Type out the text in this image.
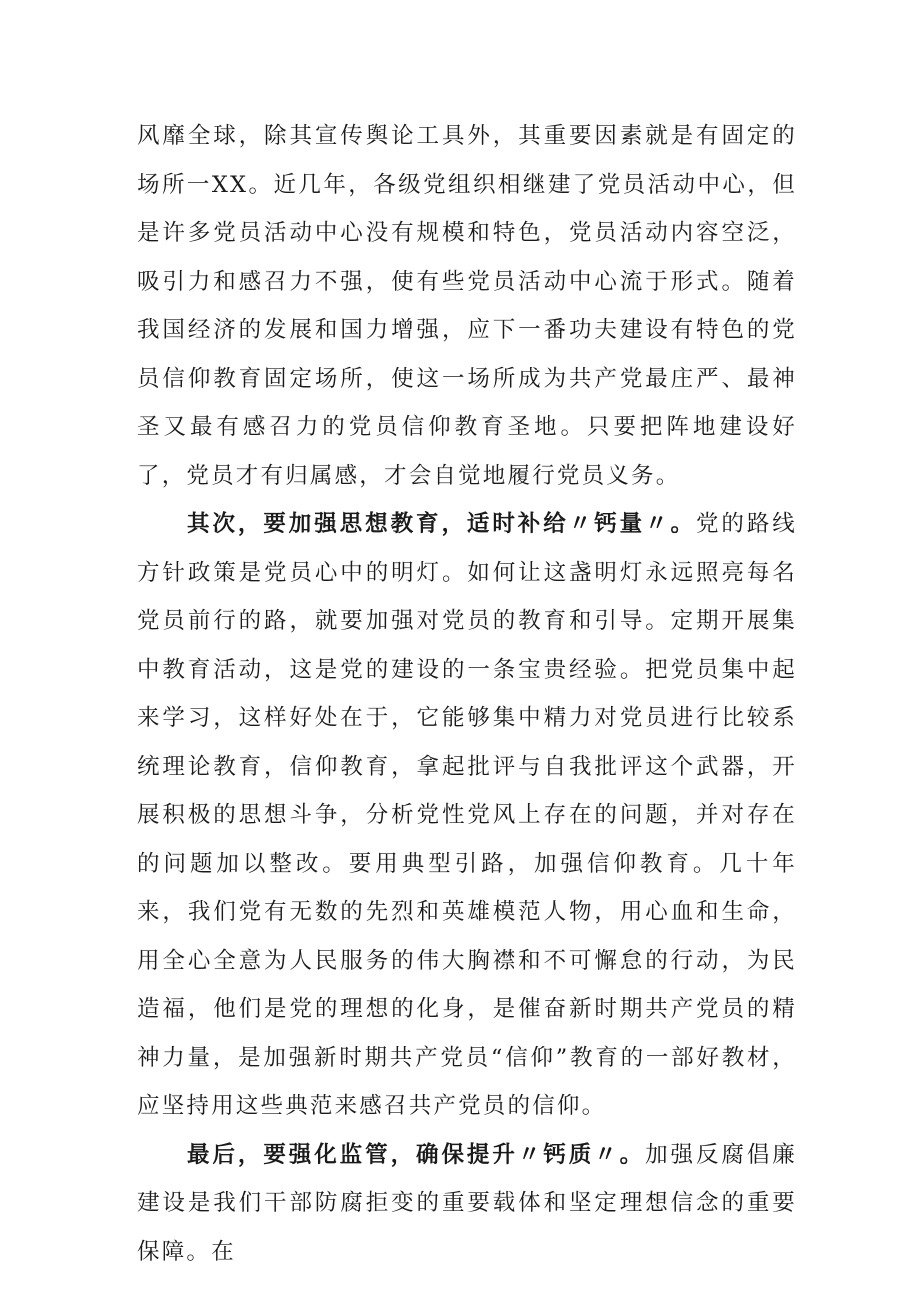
风靡全球，除其宣传舆论工具外，其重要因素就是有固定的场所一XX。近几年，各级党组织相继建了党员活动中心，但是许多党员活动中心没有规模和特色，党员活动内容空泛，吸引力和感召力不强，使有些党员活动中心流于形式。随着我国经济的发展和国力增强，应下一番功夫建设有特色的党员信仰教育固定场所，使这一场所成为共产党最庄严、最神圣又最有感召力的党员信仰教育圣地。只要把阵地建设好了，党员才有归属感，才会自觉地履行党员义务。

其次，要加强思想教育，适时补给〃钙量〃。党的路线方针政策是党员心中的明灯。如何让这盏明灯永远照亮每名党员前行的路，就要加强对党员的教育和引导。定期开展集中教育活动，这是党的建设的一条宝贵经验。把党员集中起来学习，这样好处在于，它能够集中精力对党员进行比较系统理论教育，信仰教育，拿起批评与自我批评这个武器，开展积极的思想斗争，分析党性党风上存在的问题，并对存在的问题加以整改。要用典型引路，加强信仰教育。几十年来，我们党有无数的先烈和英雄模范人物，用心血和生命，用全心全意为人民服务的伟大胸襟和不可懈怠的行动，为民造福，他们是党的理想的化身，是催奋新时期共产党员的精神力量，是加强新时期共产党员“信仰”教育的一部好教材，应坚持用这些典范来感召共产党员的信仰。

最后，要强化监管，确保提升〃钙质〃。加强反腐倡廉建设是我们干部防腐拒变的重要载体和坚定理想信念的重要保障。在
